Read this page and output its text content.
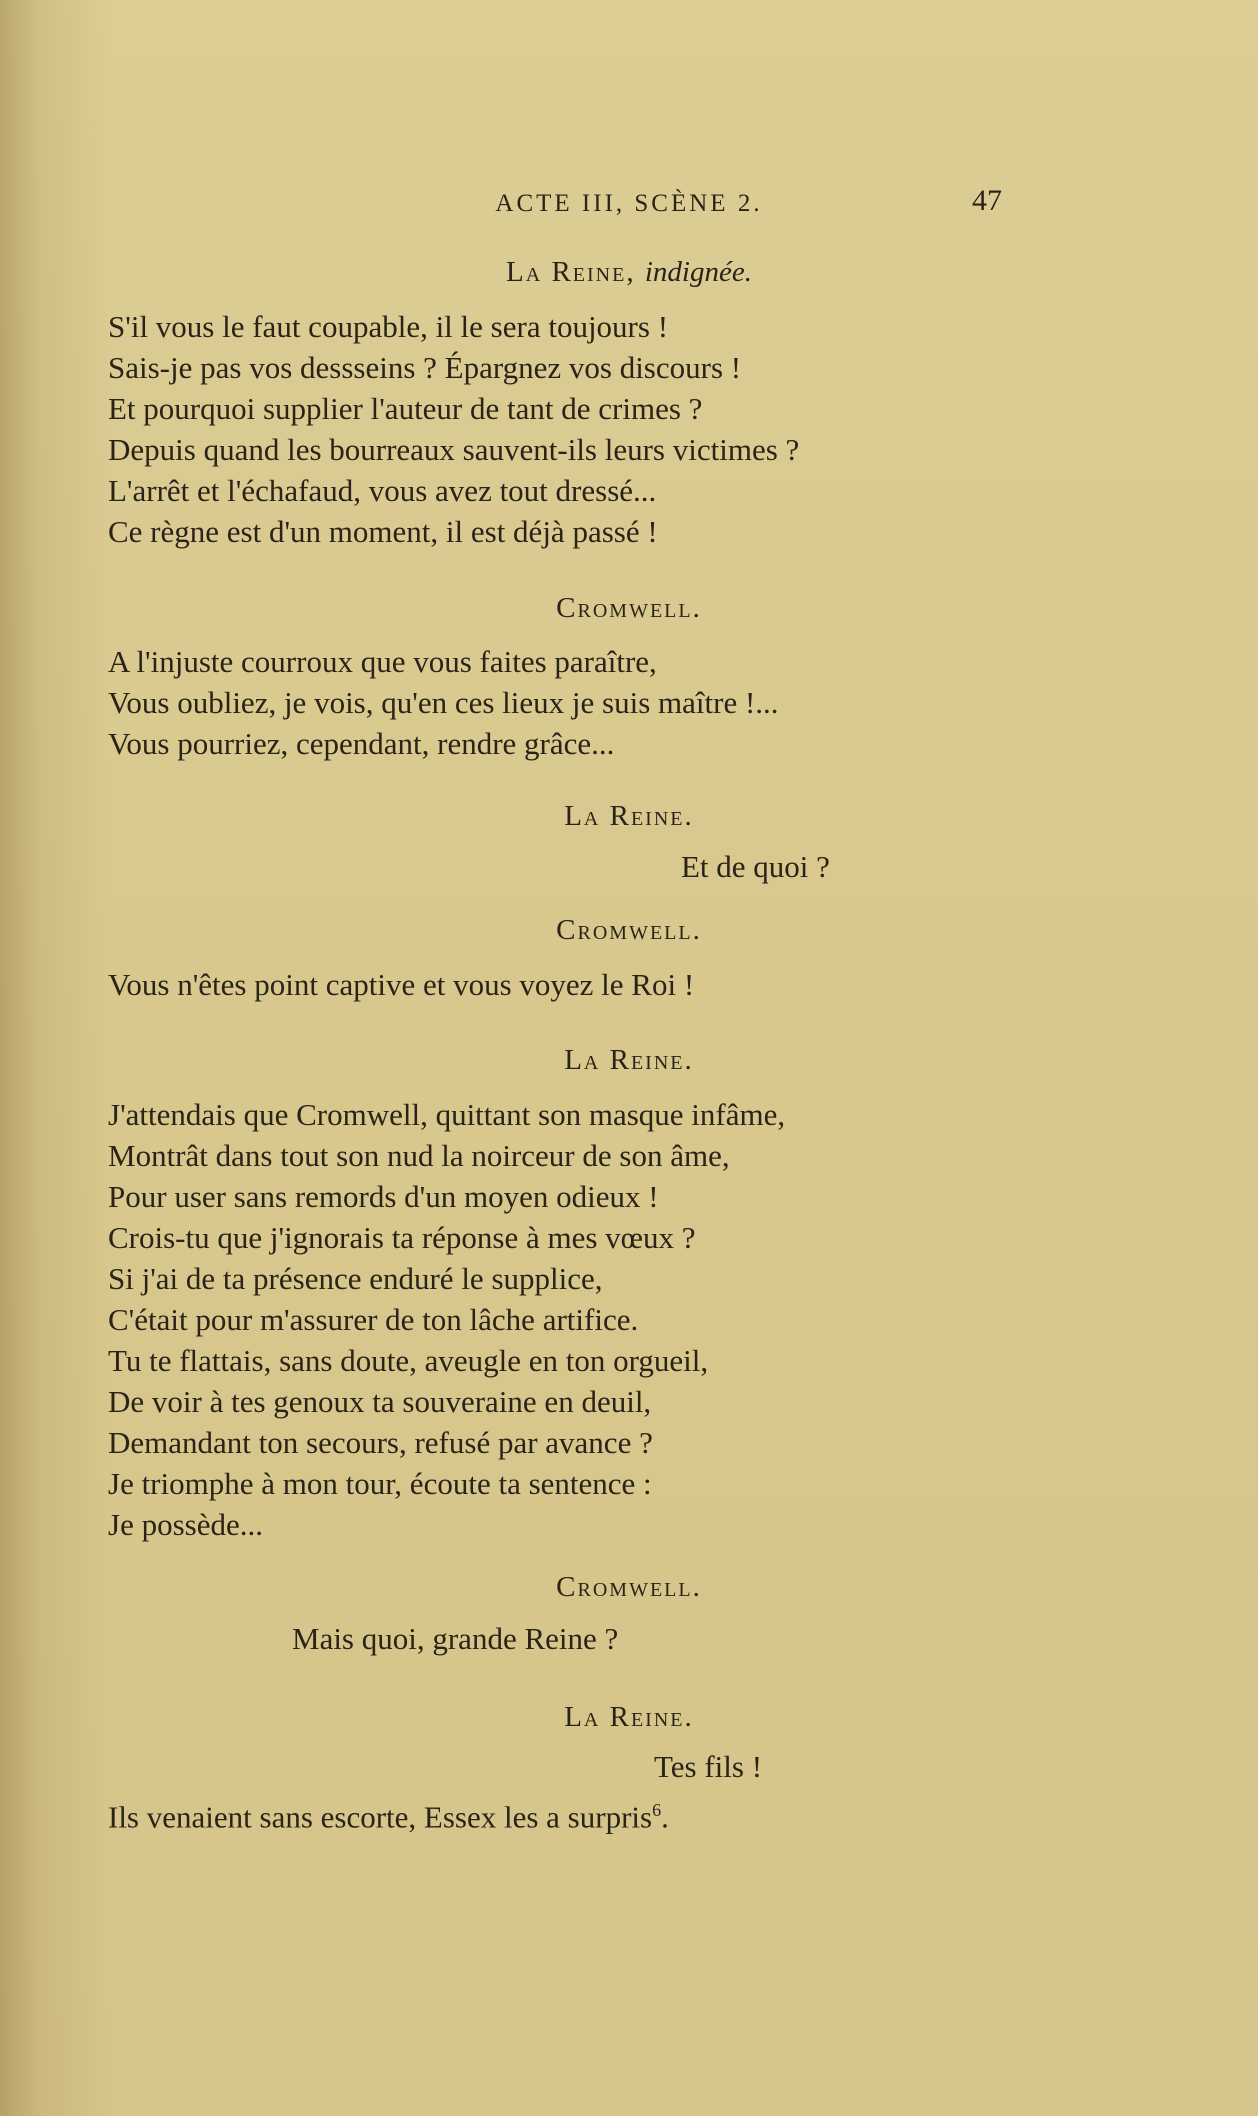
ACTE III, SCÈNE 2.	47
La Reine, indignée.
S'il vous le faut coupable, il le sera toujours !
Sais-je pas vos dessseins ? Épargnez vos discours !
Et pourquoi supplier l'auteur de tant de crimes ?
Depuis quand les bourreaux sauvent-ils leurs victimes ?
L'arrêt et l'échafaud, vous avez tout dressé...
Ce règne est d'un moment, il est déjà passé !
Cromwell.
A l'injuste courroux que vous faites paraître,
Vous oubliez, je vois, qu'en ces lieux je suis maître !...
Vous pourriez, cependant, rendre grâce...
La Reine.
Et de quoi ?
Cromwell.
Vous n'êtes point captive et vous voyez le Roi !
La Reine.
J'attendais que Cromwell, quittant son masque infâme,
Montrât dans tout son nud la noirceur de son âme,
Pour user sans remords d'un moyen odieux !
Crois-tu que j'ignorais ta réponse à mes vœux ?
Si j'ai de ta présence enduré le supplice,
C'était pour m'assurer de ton lâche artifice.
Tu te flattais, sans doute, aveugle en ton orgueil,
De voir à tes genoux ta souveraine en deuil,
Demandant ton secours, refusé par avance ?
Je triomphe à mon tour, écoute ta sentence :
Je possède...
Cromwell.
Mais quoi, grande Reine ?
La Reine.
Tes fils !
Ils venaient sans escorte, Essex les a surpris$^6$.
